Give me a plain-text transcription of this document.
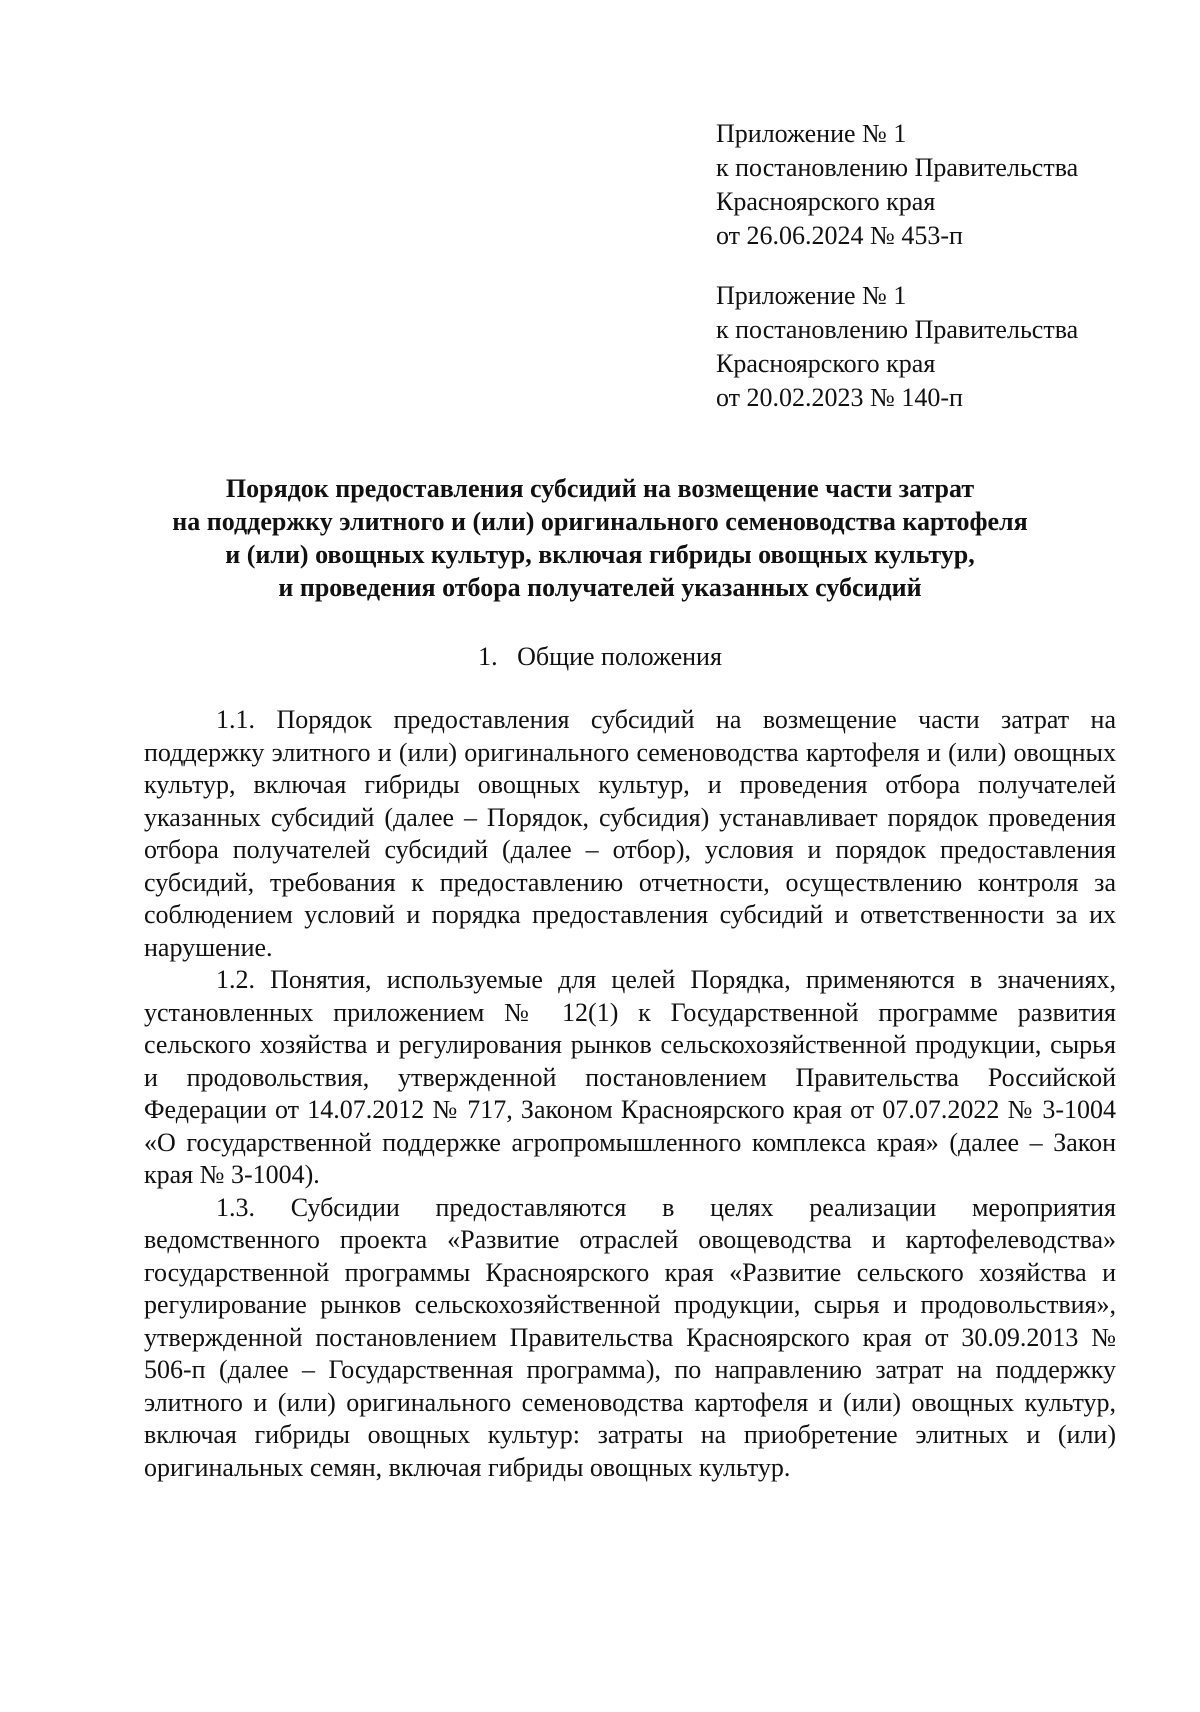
Приложение № 1
к постановлению Правительства
Красноярского края
от 26.06.2024 № 453-п
Приложение № 1
к постановлению Правительства
Красноярского края
от 20.02.2023 № 140-п
Порядок предоставления субсидий на возмещение части затрат
на поддержку элитного и (или) оригинального семеноводства картофеля
и (или) овощных культур, включая гибриды овощных культур,
и проведения отбора получателей указанных субсидий
1.   Общие положения

1.1. Порядок предоставления субсидий на возмещение части затрат на поддержку элитного и (или) оригинального семеноводства картофеля и (или) овощных культур, включая гибриды овощных культур, и проведения отбора получателей указанных субсидий (далее – Порядок, субсидия) устанавливает порядок проведения отбора получателей субсидий (далее – отбор), условия и порядок предоставления субсидий, требования к предоставлению отчетности, осуществлению контроля за соблюдением условий и порядка предоставления субсидий и ответственности за их нарушение.

1.2. Понятия, используемые для целей Порядка, применяются в значениях, установленных приложением № 12(1) к Государственной программе развития сельского хозяйства и регулирования рынков сельскохозяйственной продукции, сырья и продовольствия, утвержденной постановлением Правительства Российской Федерации от 14.07.2012 № 717, Законом Красноярского края от 07.07.2022 № 3-1004 «О государственной поддержке агропромышленного комплекса края» (далее – Закон края № 3-1004).

1.3. Субсидии предоставляются в целях реализации мероприятия ведомственного проекта «Развитие отраслей овощеводства и картофелеводства» государственной программы Красноярского края «Развитие сельского хозяйства и регулирование рынков сельскохозяйственной продукции, сырья и продовольствия», утвержденной постановлением Правительства Красноярского края от 30.09.2013 № 506-п (далее – Государственная программа), по направлению затрат на поддержку элитного и (или) оригинального семеноводства картофеля и (или) овощных культур, включая гибриды овощных культур: затраты на приобретение элитных и (или) оригинальных семян, включая гибриды овощных культур.
